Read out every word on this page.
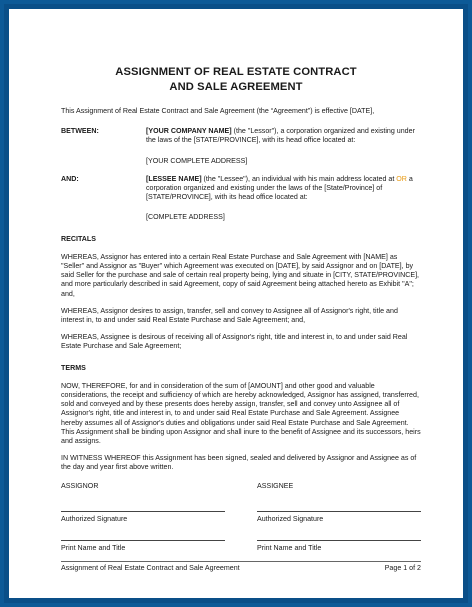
ASSIGNMENT OF REAL ESTATE CONTRACT
AND SALE AGREEMENT

This Assignment of Real Estate Contract and Sale Agreement (the “Agreement”) is effective [DATE],

BETWEEN:	[YOUR COMPANY NAME] (the "Lessor"), a corporation organized and existing under the laws of the [STATE/PROVINCE], with its head office located at:

[YOUR COMPLETE ADDRESS]

AND:	[LESSEE NAME] (the "Lessee"), an individual with his main address located at OR a corporation organized and existing under the laws of the [State/Province] of [STATE/PROVINCE], with its head office located at:

[COMPLETE ADDRESS]

RECITALS

WHEREAS, Assignor has entered into a certain Real Estate Purchase and Sale Agreement with [NAME] as "Seller" and Assignor as "Buyer" which Agreement was executed on [DATE], by said Assignor and on [DATE], by said Seller for the purchase and sale of certain real property being, lying and situate in [CITY, STATE/PROVINCE], and more particularly described in said Agreement, copy of said Agreement being attached hereto as Exhibit "A"; and,

WHEREAS, Assignor desires to assign, transfer, sell and convey to Assignee all of Assignor's right, title and interest in, to and under said Real Estate Purchase and Sale Agreement; and,

WHEREAS, Assignee is desirous of receiving all of Assignor's right, title and interest in, to and under said Real Estate Purchase and Sale Agreement;

TERMS

NOW, THEREFORE, for and in consideration of the sum of [AMOUNT] and other good and valuable considerations, the receipt and sufficiency of which are hereby acknowledged, Assignor has assigned, transferred, sold and conveyed and by these presents does hereby assign, transfer, sell and convey unto Assignee all of Assignor's right, title and interest in, to and under said Real Estate Purchase and Sale Agreement. Assignee hereby assumes all of Assignor's duties and obligations under said Real Estate Purchase and Sale Agreement. This Assignment shall be binding upon Assignor and shall inure to the benefit of Assignee and its successors, heirs and assigns.

IN WITNESS WHEREOF this Assignment has been signed, sealed and delivered by Assignor and Assignee as of the day and year first above written.

ASSIGNOR
Authorized Signature
Print Name and Title
ASSIGNEE
Authorized Signature
Print Name and Title
Assignment of Real Estate Contract and Sale Agreement	Page 1 of 2
